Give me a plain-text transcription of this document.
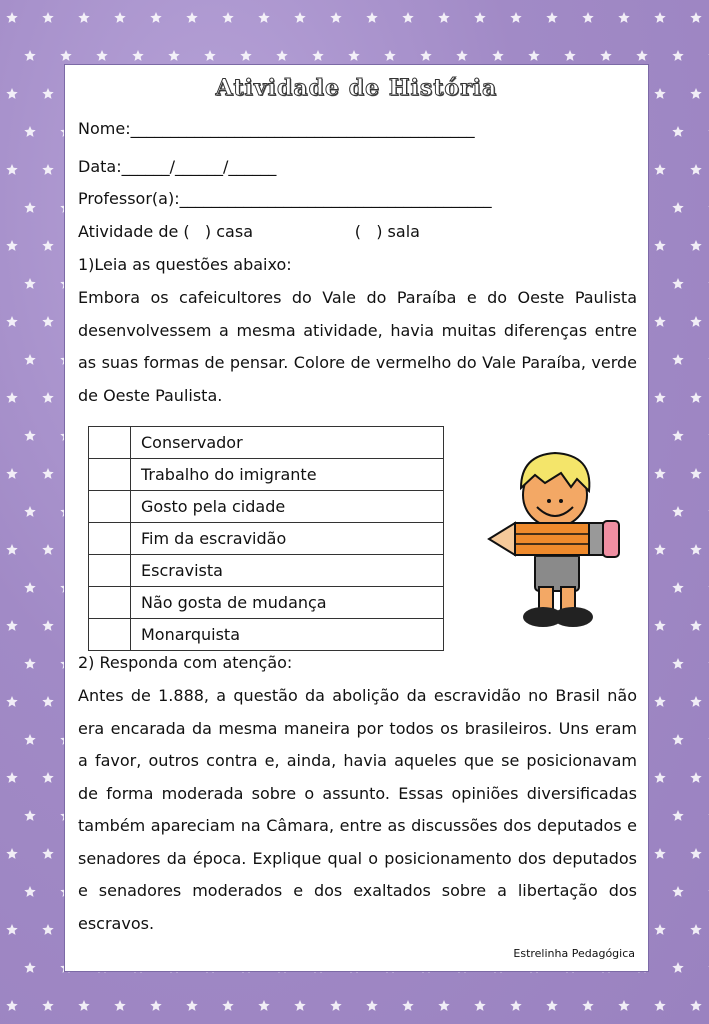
Atividade de História
Nome:___________________________________________
Data:______/______/______
Professor(a):_______________________________________
Atividade de (   ) casa                    (   ) sala
1)Leia as questões abaixo:
Embora os cafeicultores do Vale do Paraíba e do Oeste Paulista desenvolvessem a mesma atividade, havia muitas diferenças entre as suas formas de pensar. Colore de vermelho do Vale Paraíba, verde de Oeste Paulista.
	Conservador
	Trabalho do imigrante
	Gosto pela cidade
	Fim da escravidão
	Escravista
	Não gosta de mudança
	Monarquista
2) Responda com atenção:
Antes de 1.888, a questão da abolição da escravidão no Brasil não era encarada da mesma maneira por todos os brasileiros. Uns eram a favor, outros contra e, ainda, havia aqueles que se posicionavam de forma moderada sobre o assunto. Essas opiniões diversificadas também apareciam na Câmara, entre as discussões dos deputados e senadores da época. Explique qual o posicionamento dos deputados e senadores moderados e dos exaltados sobre a libertação dos escravos.
Estrelinha Pedagógica
